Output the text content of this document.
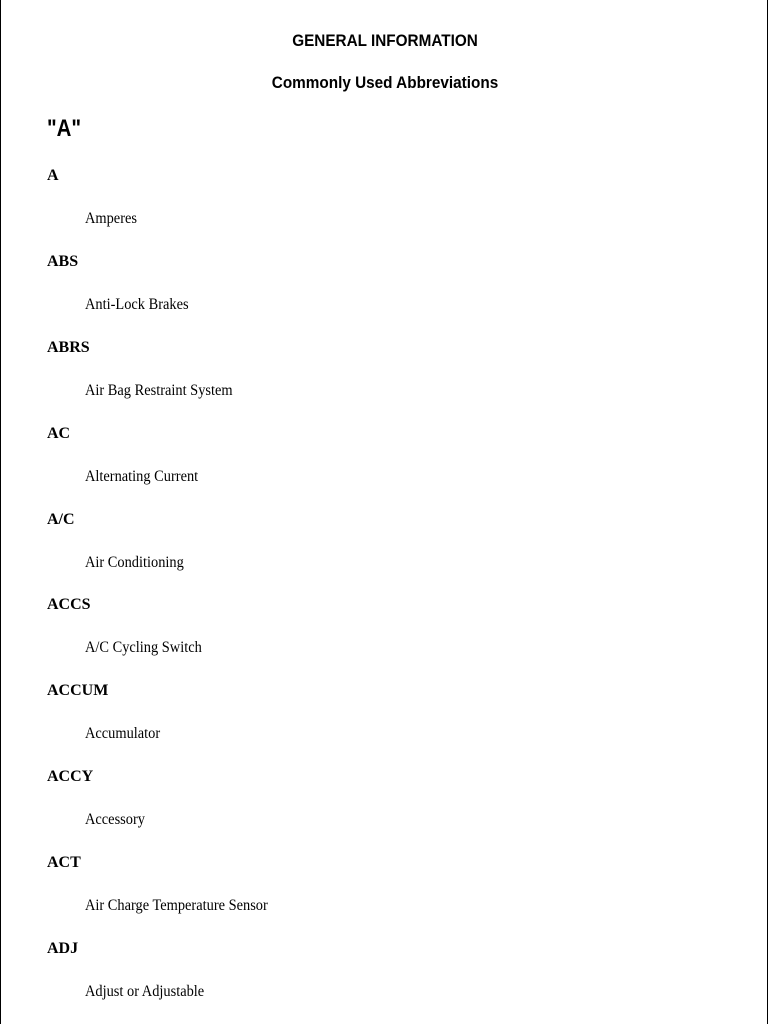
GENERAL INFORMATION
Commonly Used Abbreviations
"A"
A
Amperes
ABS
Anti-Lock Brakes
ABRS
Air Bag Restraint System
AC
Alternating Current
A/C
Air Conditioning
ACCS
A/C Cycling Switch
ACCUM
Accumulator
ACCY
Accessory
ACT
Air Charge Temperature Sensor
ADJ
Adjust or Adjustable
